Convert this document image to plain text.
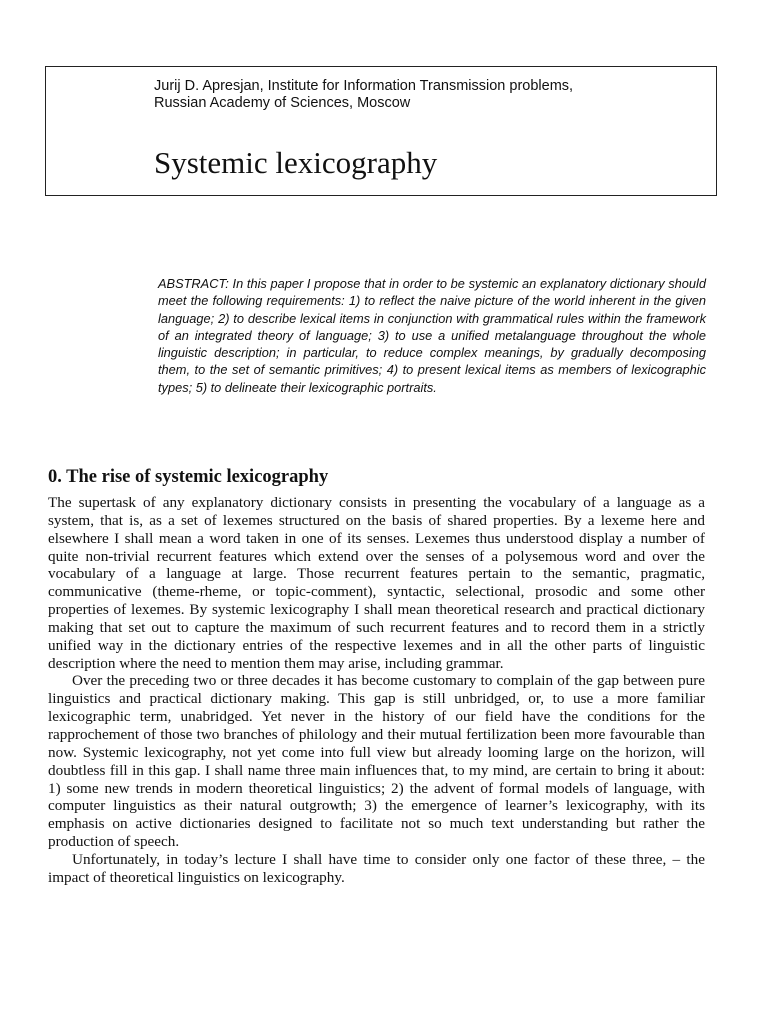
Jurij D. Apresjan, Institute for Information Transmission problems,
Russian Academy of Sciences, Moscow
Systemic lexicography

ABSTRACT: In this paper I propose that in order to be systemic an explanatory dictionary should meet the following requirements: 1) to reflect the naive picture of the world inherent in the given language; 2) to describe lexical items in conjunction with grammatical rules within the framework of an integrated theory of language; 3) to use a unified metalanguage throughout the whole linguistic description; in particular, to reduce complex meanings, by gradually decomposing them, to the set of semantic primitives; 4) to present lexical items as members of lexicographic types; 5) to delineate their lexicographic portraits.

0. The rise of systemic lexicography

The supertask of any explanatory dictionary consists in presenting the vocabulary of a language as a system, that is, as a set of lexemes structured on the basis of shared properties. By a lexeme here and elsewhere I shall mean a word taken in one of its senses. Lexemes thus understood display a number of quite non-trivial recurrent features which extend over the senses of a polysemous word and over the vocabulary of a language at large. Those recurrent features pertain to the semantic, pragmatic, communicative (theme-rheme, or topic-comment), syntactic, selectional, prosodic and some other properties of lexemes. By systemic lexicography I shall mean theoretical research and practical dictionary making that set out to capture the maximum of such recurrent features and to record them in a strictly unified way in the dictionary entries of the respective lexemes and in all the other parts of linguistic description where the need to mention them may arise, including grammar.

Over the preceding two or three decades it has become customary to complain of the gap between pure linguistics and practical dictionary making. This gap is still unbridged, or, to use a more familiar lexicographic term, unabridged. Yet never in the history of our field have the conditions for the rapprochement of those two branches of philology and their mutual fertilization been more favourable than now. Systemic lexicography, not yet come into full view but already looming large on the horizon, will doubtless fill in this gap. I shall name three main influences that, to my mind, are certain to bring it about: 1) some new trends in modern theoretical linguistics; 2) the advent of formal models of language, with computer linguistics as their natural outgrowth; 3) the emergence of learner’s lexicography, with its emphasis on active dictionaries designed to facilitate not so much text understanding but rather the production of speech.

Unfortunately, in today’s lecture I shall have time to consider only one factor of these three, – the impact of theoretical linguistics on lexicography.
